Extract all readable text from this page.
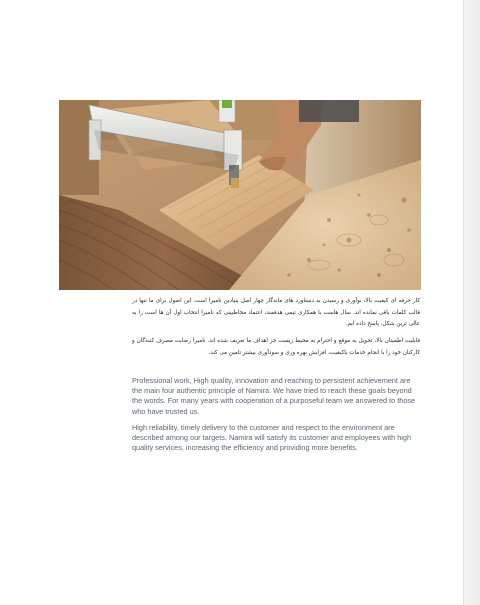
کار حرفه ای کیفیت بالا، نوآوری و رسیدن به دستاورد های ماندگار چهار اصل بنیادین نامیرا است. این اصول برای ما تنها در قالب کلمات باقی نمانده اند. سال هاست با همکاری تیمی هدفمند، اعتماد مخاطبینی که نامیرا انتخاب اول آن ها است را به عالی ترین شکل، پاسخ داده ایم.

قابلیت اطمینان بالا، تحویل به موقع و احترام به محیط زیست جز اهداف ما تعریف شده اند. نامیرا رضایت مصرف کنندگان و کارکنان خود را با انجام خدمات باکیفیت، افزایش بهره وری و سودآوری بیشتر تامین می کند.

Professional work, High quality, innovation and reaching to persistent achievement are the main four authentic principle of Namira. We have tried to reach these goals beyond the words. For many years with cooperation of a purposeful team we answered to those who have trusted us.

High reliability, timely delivery to the customer and respect to the environment are described among our targets. Namira will satisfy its customer and employees with high quality services, increasing the efficiency and providing more benefits.
